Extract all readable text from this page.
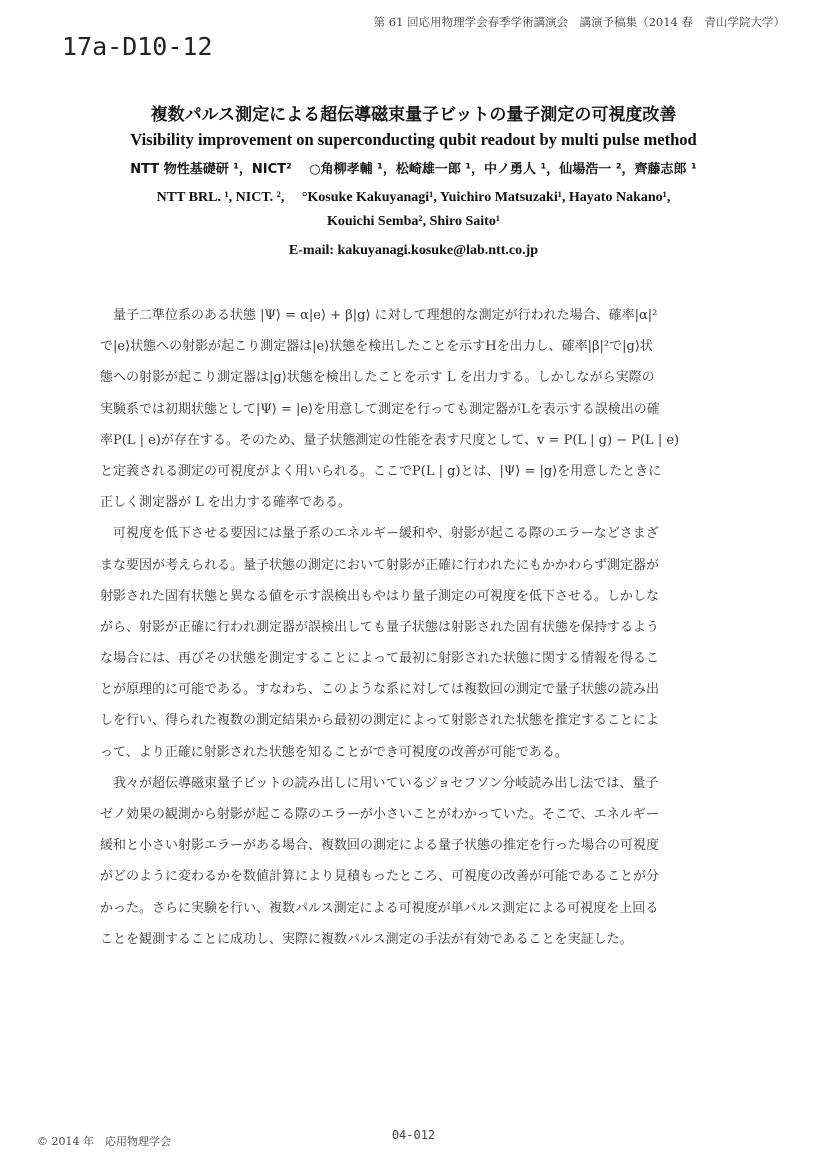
第 61 回応用物理学会春季学術講演会　講演予稿集（2014 春　青山学院大学）
17a-D10-12
複数パルス測定による超伝導磁束量子ビットの量子測定の可視度改善
Visibility improvement on superconducting qubit readout by multi pulse method
NTT 物性基礎研 ¹，NICT² 　○角柳孝輔 ¹，松崎雄一郎 ¹，中ノ勇人 ¹，仙場浩一 ²，齊藤志郎 ¹
NTT BRL. ¹, NICT. ², 　°Kosuke Kakuyanagi¹, Yuichiro Matsuzaki¹, Hayato Nakano¹,
Kouichi Semba², Shiro Saito¹
E-mail: kakuyanagi.kosuke@lab.ntt.co.jp
量子二準位系のある状態 |Ψ⟩ = α|e⟩ + β|g⟩ に対して理想的な測定が行われた場合、確率|α|²
で|e⟩状態への射影が起こり測定器は|e⟩状態を検出したことを示すHを出力し、確率|β|²で|g⟩状
態への射影が起こり測定器は|g⟩状態を検出したことを示す L を出力する。しかしながら実際の
実験系では初期状態として|Ψ⟩ = |e⟩を用意して測定を行っても測定器がLを表示する誤検出の確
率P(L | e)が存在する。そのため、量子状態測定の性能を表す尺度として、v = P(L | g) − P(L | e)
と定義される測定の可視度がよく用いられる。ここでP(L | g)とは、|Ψ⟩ = |g⟩を用意したときに
正しく測定器が L を出力する確率である。
可視度を低下させる要因には量子系のエネルギー緩和や、射影が起こる際のエラーなどさまざ
まな要因が考えられる。量子状態の測定において射影が正確に行われたにもかかわらず測定器が
射影された固有状態と異なる値を示す誤検出もやはり量子測定の可視度を低下させる。しかしな
がら、射影が正確に行われ測定器が誤検出しても量子状態は射影された固有状態を保持するよう
な場合には、再びその状態を測定することによって最初に射影された状態に関する情報を得るこ
とが原理的に可能である。すなわち、このような系に対しては複数回の測定で量子状態の読み出
しを行い、得られた複数の測定結果から最初の測定によって射影された状態を推定することによ
って、より正確に射影された状態を知ることができ可視度の改善が可能である。
我々が超伝導磁束量子ビットの読み出しに用いているジョセフソン分岐読み出し法では、量子
ゼノ効果の観測から射影が起こる際のエラーが小さいことがわかっていた。そこで、エネルギー
緩和と小さい射影エラーがある場合、複数回の測定による量子状態の推定を行った場合の可視度
がどのように変わるかを数値計算により見積もったところ、可視度の改善が可能であることが分
かった。さらに実験を行い、複数パルス測定による可視度が単パルス測定による可視度を上回る
ことを観測することに成功し、実際に複数パルス測定の手法が有効であることを実証した。
© 2014 年　応用物理学会	04-012
